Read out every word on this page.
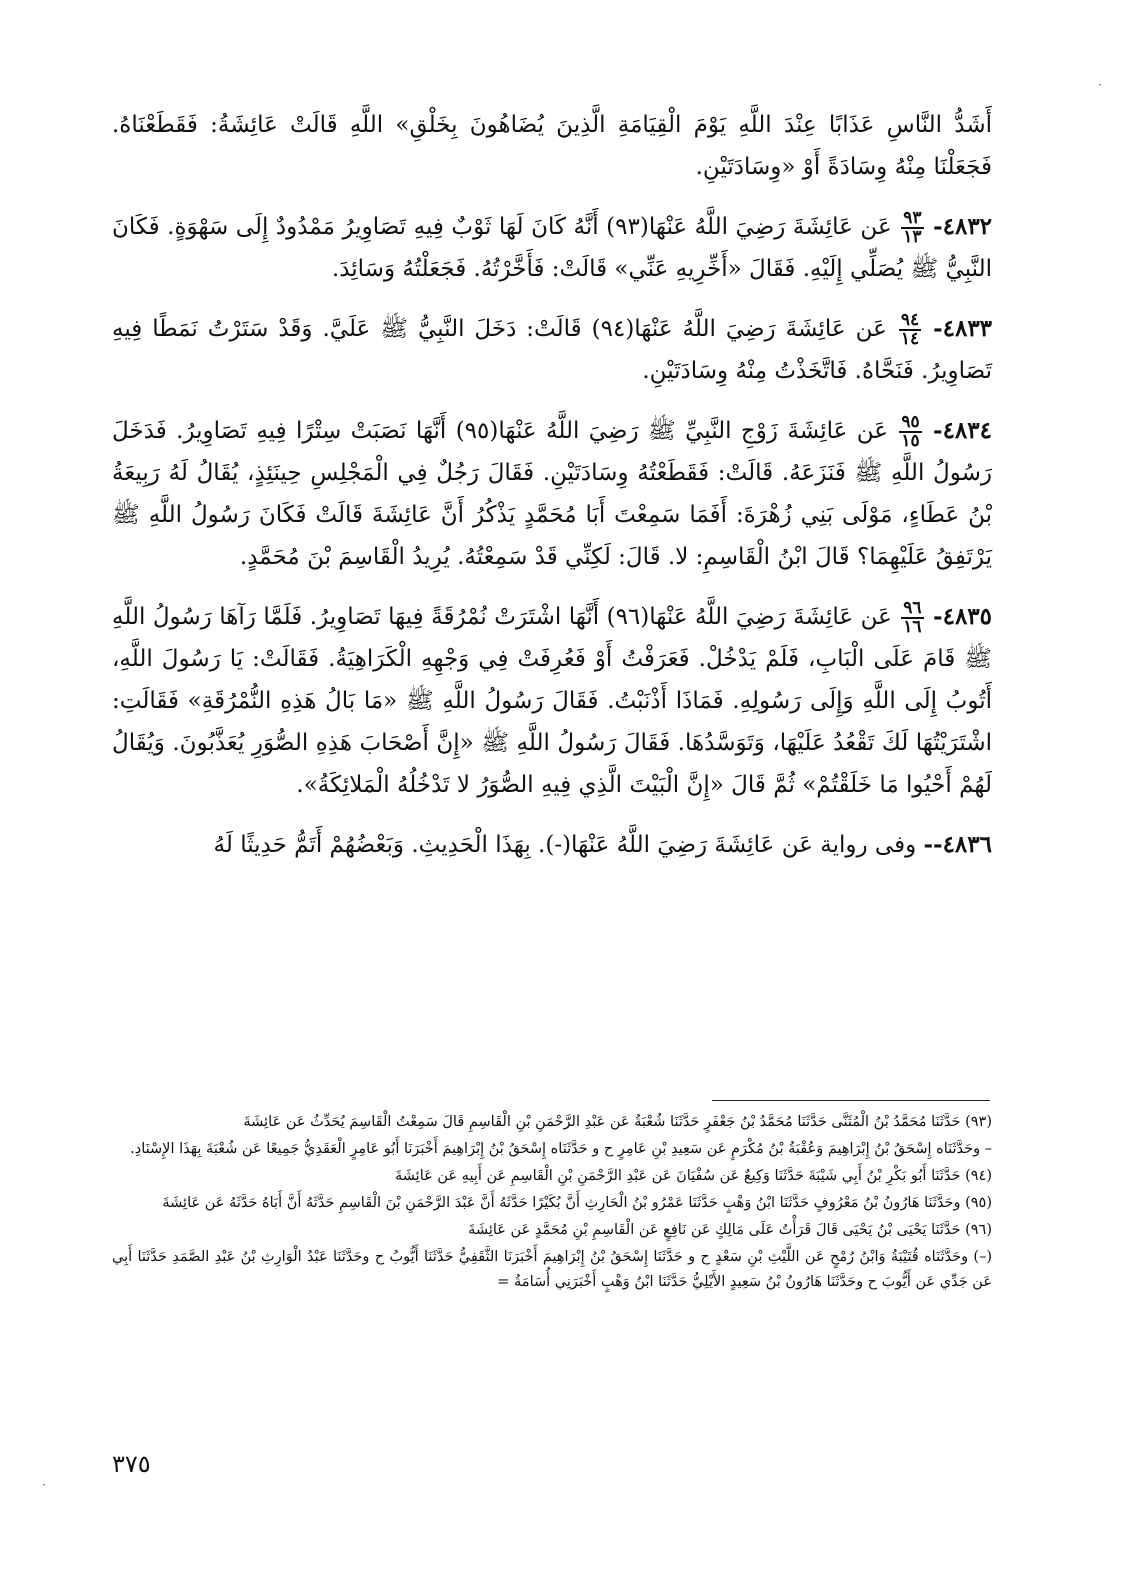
·

أَشَدُّ النَّاسِ عَذَابًا عِنْدَ اللَّهِ يَوْمَ الْقِيَامَةِ الَّذِينَ يُضَاهُونَ بِخَلْقِ» اللَّهِ قَالَتْ عَائِشَةُ: فَقَطَعْنَاهُ. فَجَعَلْنَا مِنْهُ وِسَادَةً أَوْ «وِسَادَتَيْنِ.

٤٨٣٢-
$\frac{٩٣}{١٣}$
عَن عَائِشَةَ رَضِيَ اللَّهُ عَنْهَا(٩٣) أَنَّهُ كَانَ لَهَا ثَوْبٌ فِيهِ تَصَاوِيرُ مَمْدُودٌ إِلَى سَهْوَةٍ. فَكَانَ النَّبِيُّ ﷺ يُصَلِّي إِلَيْهِ. فَقَالَ «أَخِّرِيهِ عَنِّي» قَالَتْ: فَأَخَّرْتُهُ. فَجَعَلْتُهُ وَسَائِدَ.

٤٨٣٣-
$\frac{٩٤}{١٤}$
عَن عَائِشَةَ رَضِيَ اللَّهُ عَنْهَا(٩٤) قَالَتْ: دَخَلَ النَّبِيُّ ﷺ عَلَيَّ. وَقَدْ سَتَرْتُ نَمَطًا فِيهِ تَصَاوِيرُ. فَنَحَّاهُ. فَاتَّخَذْتُ مِنْهُ وِسَادَتَيْنِ.

٤٨٣٤-
$\frac{٩٥}{١٥}$
عَن عَائِشَةَ زَوْجِ النَّبِيِّ ﷺ رَضِيَ اللَّهُ عَنْهَا(٩٥) أَنَّهَا نَصَبَتْ سِتْرًا فِيهِ تَصَاوِيرُ. فَدَخَلَ رَسُولُ اللَّهِ ﷺ فَنَزَعَهُ. قَالَتْ: فَقَطَعْتُهُ وِسَادَتَيْنِ. فَقَالَ رَجُلٌ فِي الْمَجْلِسِ حِينَئِذٍ، يُقَالُ لَهُ رَبِيعَةُ بْنُ عَطَاءٍ، مَوْلَى بَنِي زُهْرَةَ: أَفَمَا سَمِعْتَ أَبَا مُحَمَّدٍ يَذْكُرُ أَنَّ عَائِشَةَ قَالَتْ فَكَانَ رَسُولُ اللَّهِ ﷺ يَرْتَفِقُ عَلَيْهِمَا؟ قَالَ ابْنُ الْقَاسِمِ: لا. قَالَ: لَكِنِّي قَدْ سَمِعْتُهُ. يُرِيدُ الْقَاسِمَ بْنَ مُحَمَّدٍ.

٤٨٣٥-
$\frac{٩٦}{١٦}$
عَن عَائِشَةَ رَضِيَ اللَّهُ عَنْهَا(٩٦) أَنَّهَا اشْتَرَتْ نُمْرُقَةً فِيهَا تَصَاوِيرُ. فَلَمَّا رَآهَا رَسُولُ اللَّهِ ﷺ قَامَ عَلَى الْبَابِ، فَلَمْ يَدْخُلْ. فَعَرَفْتُ أَوْ فَعُرِفَتْ فِي وَجْهِهِ الْكَرَاهِيَةُ. فَقَالَتْ: يَا رَسُولَ اللَّهِ، أَتُوبُ إِلَى اللَّهِ وَإِلَى رَسُولِهِ. فَمَاذَا أَذْنَبْتُ. فَقَالَ رَسُولُ اللَّهِ ﷺ «مَا بَالُ هَذِهِ النُّمْرُقَةِ» فَقَالَتِ: اشْتَرَيْتُهَا لَكَ تَقْعُدُ عَلَيْهَا، وَتَوَسَّدُهَا. فَقَالَ رَسُولُ اللَّهِ ﷺ «إِنَّ أَصْحَابَ هَذِهِ الصُّوَرِ يُعَذَّبُونَ. وَيُقَالُ لَهُمْ أَحْيُوا مَا خَلَقْتُمْ» ثُمَّ قَالَ «إِنَّ الْبَيْتَ الَّذِي فِيهِ الصُّوَرُ لا تَدْخُلُهُ الْمَلائِكَةُ».

٤٨٣٦-- وفى رواية عَن عَائِشَةَ رَضِيَ اللَّهُ عَنْهَا(-). بِهَذَا الْحَدِيثِ. وَبَعْضُهُمْ أَتَمُّ حَدِيثًا لَهُ

(٩٣) حَدَّثَنَا مُحَمَّدُ بْنُ الْمُثَنَّى حَدَّثَنَا مُحَمَّدُ بْنُ جَعْفَرٍ حَدَّثَنَا شُعْبَةُ عَن عَبْدِ الرَّحْمَنِ بْنِ الْقَاسِمِ قَالَ سَمِعْتُ الْقَاسِمَ يُحَدِّثُ عَن عَائِشَةَ
– وحَدَّثَنَاه إِسْحَقُ بْنُ إِبْرَاهِيمَ وَعُقْبَةُ بْنُ مُكْرَمٍ عَن سَعِيدِ بْنِ عَامِرٍ ح و حَدَّثَنَاه إِسْحَقُ بْنُ إِبْرَاهِيمَ أَخْبَرَنَا أَبُو عَامِرٍ الْعَقَدِيُّ جَمِيعًا عَن شُعْبَةَ بِهَذَا الإِسْنَادِ.
(٩٤) حَدَّثَنَا أَبُو بَكْرِ بْنُ أَبِي شَيْبَةَ حَدَّثَنَا وَكِيعٌ عَن سُفْيَانَ عَن عَبْدِ الرَّحْمَنِ بْنِ الْقَاسِمِ عَن أَبِيهِ عَن عَائِشَةَ
(٩٥) وحَدَّثَنَا هَارُونُ بْنُ مَعْرُوفٍ حَدَّثَنَا ابْنُ وَهْبٍ حَدَّثَنَا عَمْرُو بْنُ الْحَارِثِ أَنَّ بُكَيْرًا حَدَّثَهُ أَنَّ عَبْدَ الرَّحْمَنِ بْنَ الْقَاسِمِ حَدَّثَهُ أَنَّ أَبَاهُ حَدَّثَهُ عَن عَائِشَةَ
(٩٦) حَدَّثَنَا يَحْيَى بْنُ يَحْيَى قَالَ قَرَأْتُ عَلَى مَالِكٍ عَن نَافِعٍ عَن الْقَاسِمِ بْنِ مُحَمَّدٍ عَن عَائِشَةَ
(–) وحَدَّثَنَاه قُتَيْبَةُ وَابْنُ رُمْحٍ عَن اللَّيْثِ بْنِ سَعْدٍ ح و حَدَّثَنَا إِسْحَقُ بْنُ إِبْرَاهِيمَ أَخْبَرَنَا الثَّقَفِيُّ حَدَّثَنَا أَيُّوبُ ح وحَدَّثَنَا عَبْدُ الْوَارِثِ بْنُ عَبْدِ الصَّمَدِ حَدَّثَنَا أَبِي عَن جَدِّي عَن أَيُّوبَ ح وحَدَّثَنَا هَارُونُ بْنُ سَعِيدٍ الأَيْلِيُّ حَدَّثَنَا ابْنُ وَهْبٍ أَخْبَرَنِي أُسَامَةُ =
٣٧٥
·
